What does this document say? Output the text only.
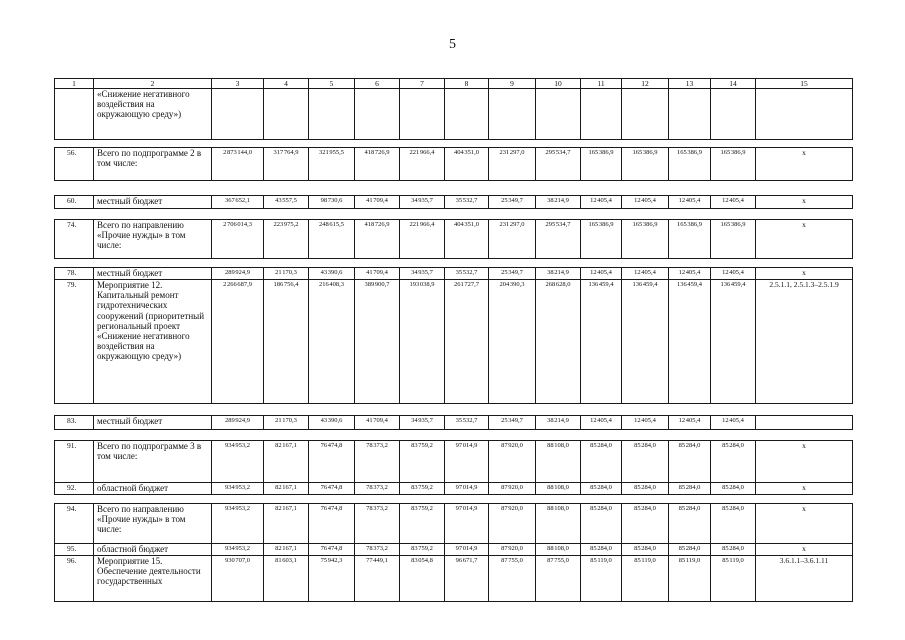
5
1	2	3	4	5	6	7	8	9	10	11	12	13	14	15
	«Снижение негативного воздействия на окружающую среду»)													
56.	Всего по подпрограмме 2 в том числе:	2 873 144,0	317 764,9	321 955,5	418 726,9	221 966,4	404 351,0	231 297,0	295 534,7	165 386,9	165 386,9	165 386,9	165 386,9	х
60.	местный бюджет	367 652,1	43 557,5	98 730,6	41 709,4	34 935,7	35 532,7	25 349,7	38 214,9	12 405,4	12 405,4	12 405,4	12 405,4	х
74.	Всего по направлению «Прочие нужды» в том числе:	2 706 014,3	223 975,2	248 615,5	418 726,9	221 966,4	404 351,0	231 297,0	295 534,7	165 386,9	165 386,9	165 386,9	165 386,9	х
78.	местный бюджет	289 924,9	21 170,3	43 390,6	41 709,4	34 935,7	35 532,7	25 349,7	38 214,9	12 405,4	12 405,4	12 405,4	12 405,4	х
79.	Мероприятие 12. Капитальный ремонт гидротехнических сооружений (приоритетный региональный проект «Снижение негативного воздействия на окружающую среду»)	2 266 687,9	186 756,4	216 408,3	389 900,7	193 038,9	261 727,7	204 390,3	268 628,0	136 459,4	136 459,4	136 459,4	136 459,4	2.5.1.1, 2.5.1.3–2.5.1.9
83.	местный бюджет	289 924,9	21 170,3	43 390,6	41 709,4	34 935,7	35 532,7	25 349,7	38 214,9	12 405,4	12 405,4	12 405,4	12 405,4	
91.	Всего по подпрограмме 3 в том числе:	934 953,2	82 167,1	76 474,8	78 373,2	83 759,2	97 014,9	87 920,0	88 108,0	85 284,0	85 284,0	85 284,0	85 284,0	х
92.	областной бюджет	934 953,2	82 167,1	76 474,8	78 373,2	83 759,2	97 014,9	87 920,0	88 108,0	85 284,0	85 284,0	85 284,0	85 284,0	х
94.	Всего по направлению «Прочие нужды» в том числе:	934 953,2	82 167,1	76 474,8	78 373,2	83 759,2	97 014,9	87 920,0	88 108,0	85 284,0	85 284,0	85 284,0	85 284,0	х
95.	областной бюджет	934 953,2	82 167,1	76 474,8	78 373,2	83 759,2	97 014,9	87 920,0	88 108,0	85 284,0	85 284,0	85 284,0	85 284,0	х
96.	Мероприятие 15. Обеспечение деятельности государственных	930 707,0	81 603,1	75 942,3	77 449,1	83 054,8	96 671,7	87 755,0	87 755,0	85 119,0	85 119,0	85 119,0	85 119,0	3.6.1.1–3.6.1.11
